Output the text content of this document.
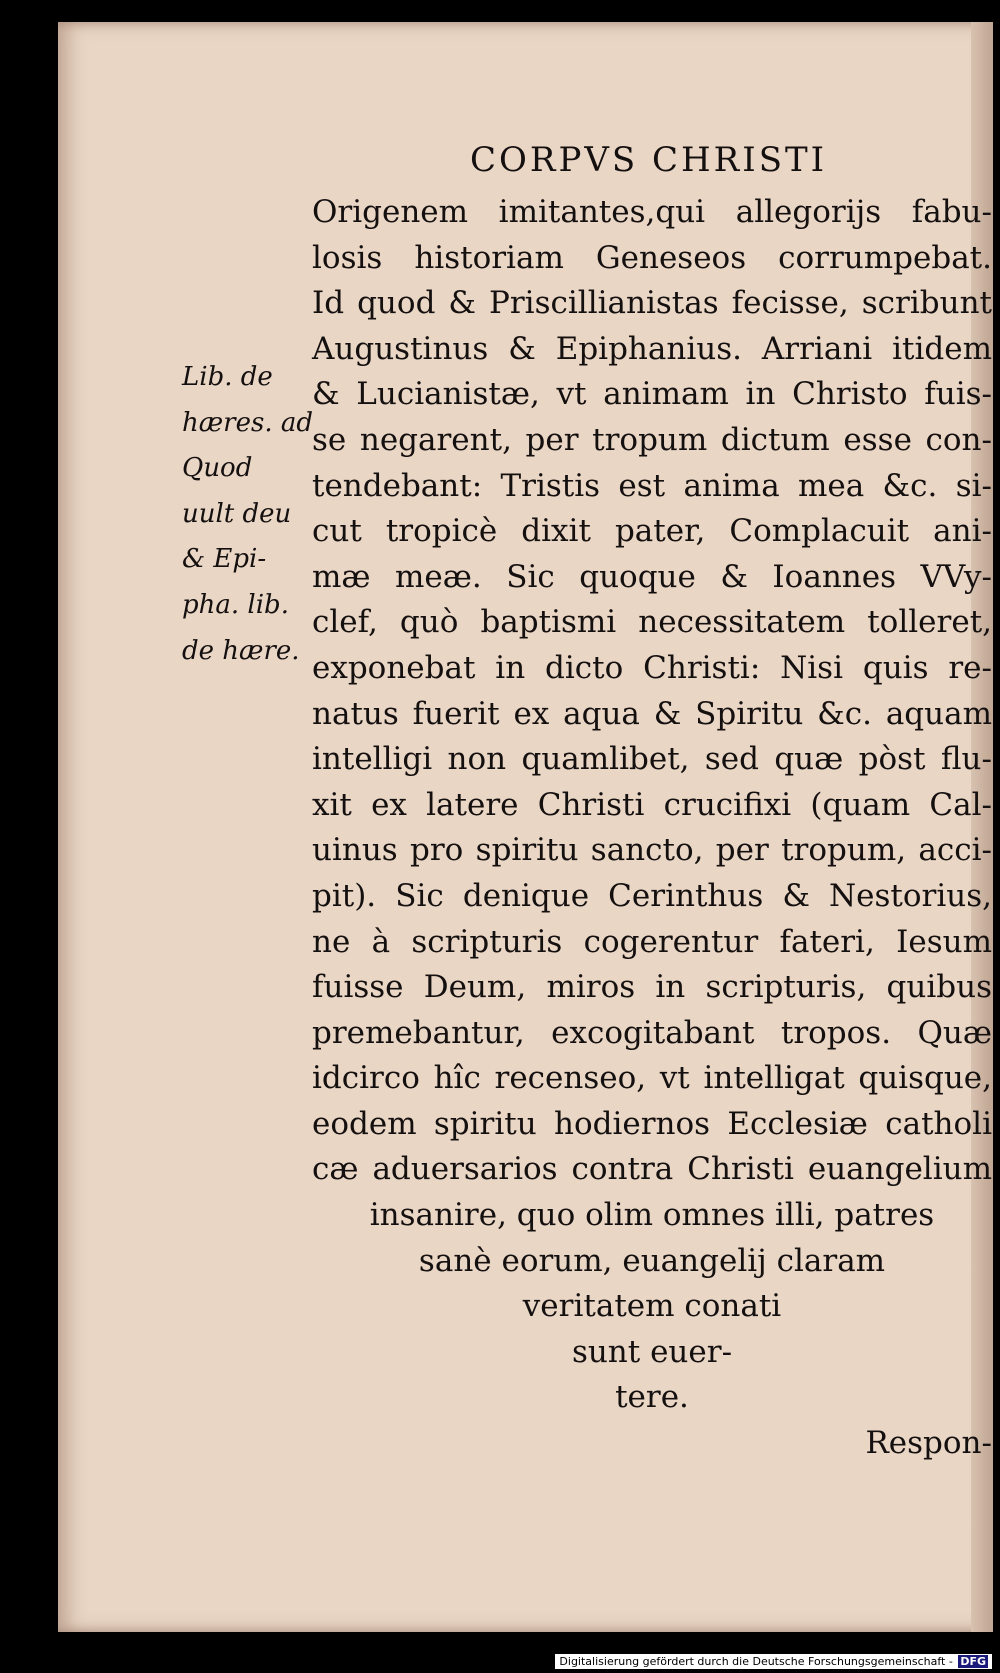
CORPVS CHRISTI
Lib. de
hæres. ad
Quod
uult deu
& Epi-
pha. lib.
de hære.
Origenem imitantes,qui allegorijs fabu-
losis historiam Geneseos corrumpebat.
Id quod & Priscillianistas fecisse, scribunt
Augustinus & Epiphanius. Arriani itidem
& Lucianistæ, vt animam in Christo fuis-
se negarent, per tropum dictum esse con-
tendebant: Tristis est anima mea &c. si-
cut tropicè dixit pater, Complacuit ani-
mæ meæ. Sic quoque & Ioannes VVy-
clef, quò baptismi necessitatem tolleret,
exponebat in dicto Christi: Nisi quis re-
natus fuerit ex aqua & Spiritu &c. aquam
intelligi non quamlibet, sed quæ pòst flu-
xit ex latere Christi crucifixi (quam Cal-
uinus pro spiritu sancto, per tropum, acci-
pit). Sic denique Cerinthus & Nestorius,
ne à scripturis cogerentur fateri, Iesum
fuisse Deum, miros in scripturis, quibus
premebantur, excogitabant tropos. Quæ
idcirco hîc recenseo, vt intelligat quisque,
eodem spiritu hodiernos Ecclesiæ catholi
cæ aduersarios contra Christi euangelium
insanire, quo olim omnes illi, patres
sanè eorum, euangelij claram
veritatem conati
sunt euer-
tere.
Respon-
Digitalisierung gefördert durch die Deutsche Forschungsgemeinschaft - DFG
